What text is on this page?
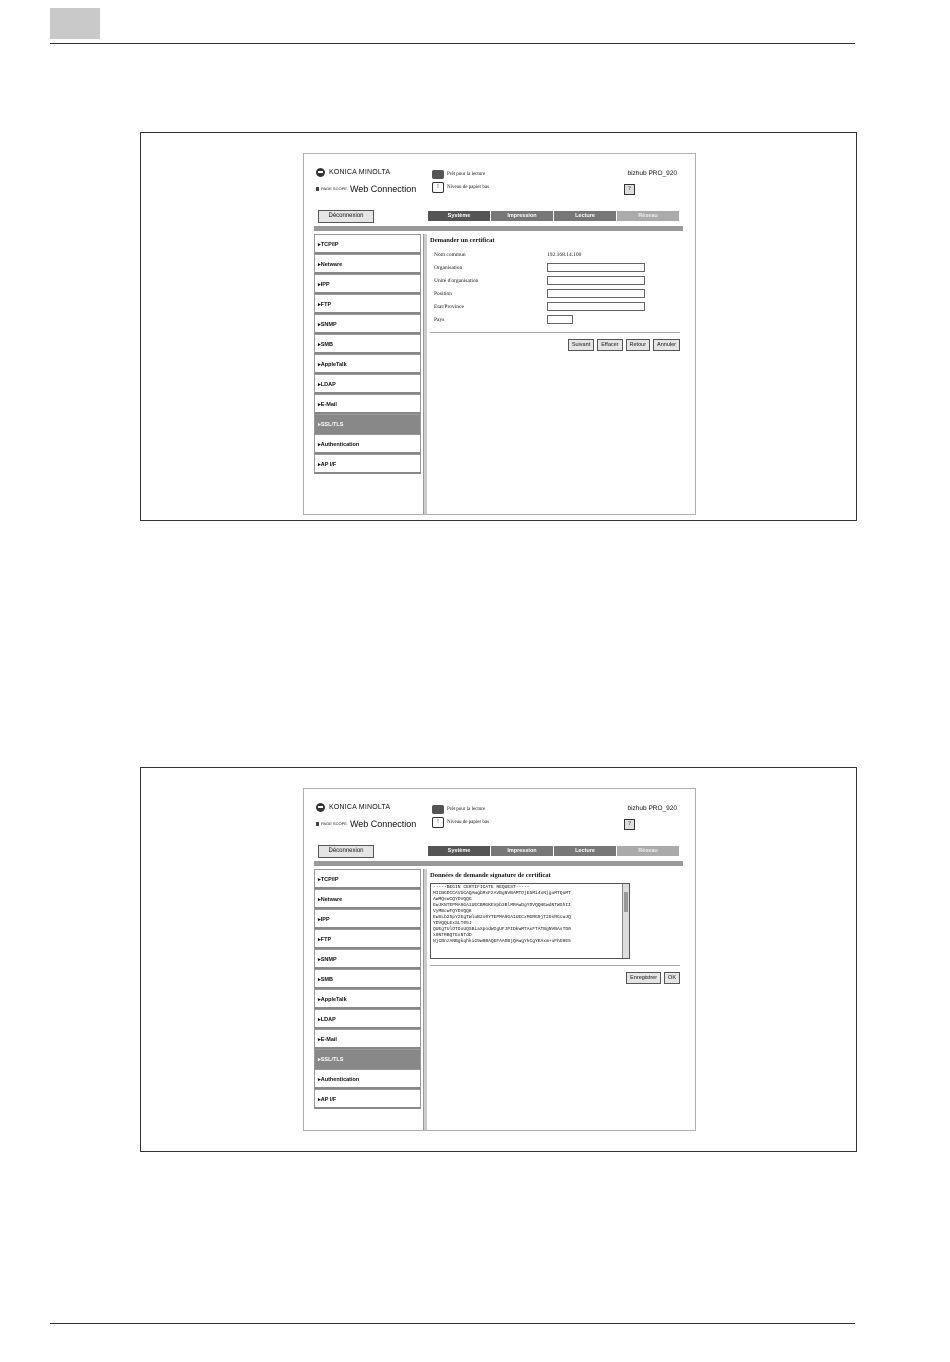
KONICA MINOLTA
PAGE SCOPE Web Connection
Prêt pour la lecture
!	Niveau de papier bas
bizhub PRO_920
?
Déconnexion	Système	Impression	Lecture	Réseau
▸TCP/IP
▸Netware
▸IPP
▸FTP
▸SNMP
▸SMB
▸AppleTalk
▸LDAP
▸E-Mail
▸SSL/TLS
▸Authentication
▸AP I/F
Demander un certificat
Nom commun	192.168.14.100
Organisation
Unité d'organisation
Position
Etat/Province
Pays
Suivant	Effacer	Retour	Annuler
KONICA MINOLTA
PAGE SCOPE Web Connection
Prêt pour la lecture
!	Niveau de papier bas
bizhub PRO_920
?
Déconnexion	Système	Impression	Lecture	Réseau
▸TCP/IP
▸Netware
▸IPP
▸FTP
▸SNMP
▸SMB
▸AppleTalk
▸LDAP
▸E-Mail
▸SSL/TLS
▸Authentication
▸AP I/F
Données de demande signature de certificat
-----BEGIN CERTIFICATE REQUEST-----
MIIBGDCCAVUCAQAwgbMxFzAVBgNVBAMTDjE5Mi4xNjguMTQuMT
AwMQswCQYDVQQG
EwJKNTEPMA0GA1UECBMGKEVpb3BlMRAwDgYDVQQHEwdNTWShII
VyMBcwFQYDVQQK
EwSLb25pY2EgTWluB2x0YTEPMA0GA1UECxMGRG9jT29sRGcwJQ
YDVQQLExSLT05J
QUEgTUlOTOxUQSBiaXpodWIgUFJPIDkwMTAxFTATBgNVBAsTD0
x0NTRBQTExNTdD
NjCBnzANBgkqhkiG9w0BAQEFAAOBjQAwgYkCgYEAxm+uFhG0E5
Enregistrer	OK
